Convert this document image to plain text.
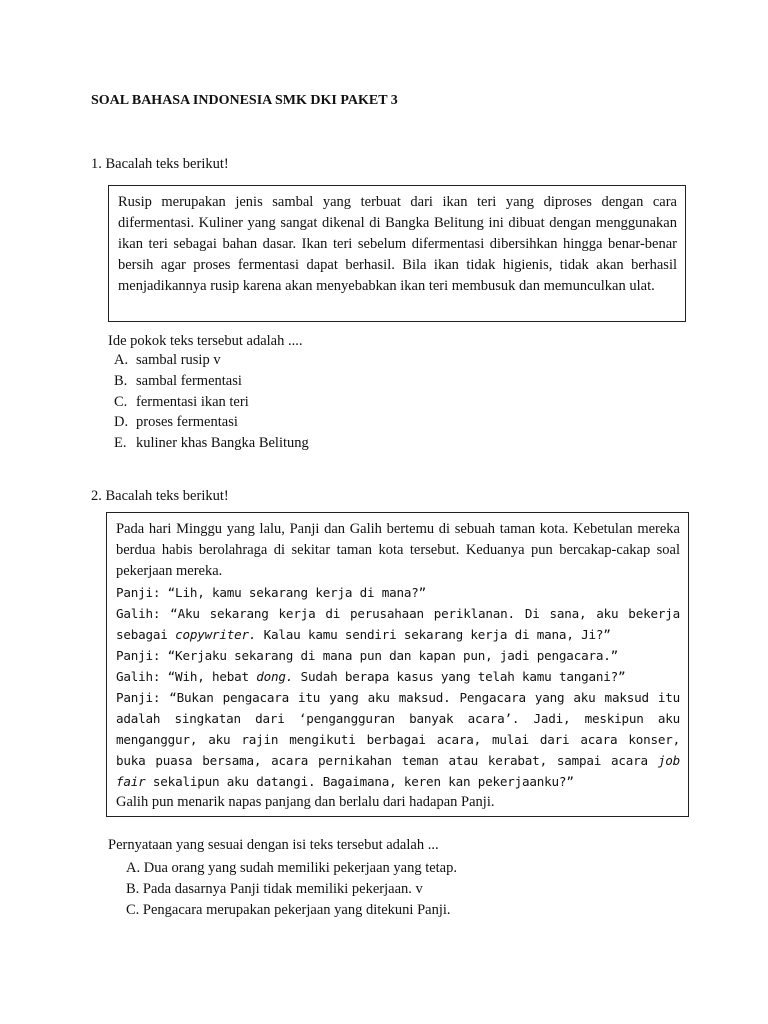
SOAL BAHASA INDONESIA SMK DKI PAKET 3
1. Bacalah teks berikut!

Rusip merupakan jenis sambal yang terbuat dari ikan teri yang diproses dengan cara difermentasi. Kuliner yang sangat dikenal di Bangka Belitung ini dibuat dengan menggunakan ikan teri sebagai bahan dasar. Ikan teri sebelum difermentasi dibersihkan hingga benar-benar bersih agar proses fermentasi dapat berhasil. Bila ikan tidak higienis, tidak akan berhasil menjadikannya rusip karena akan menyebabkan ikan teri membusuk dan memunculkan ulat.

Ide pokok teks tersebut adalah ....
A. sambal rusip v
B. sambal fermentasi
C. fermentasi ikan teri
D. proses fermentasi
E. kuliner khas Bangka Belitung
2. Bacalah teks berikut!

Pada hari Minggu yang lalu, Panji dan Galih bertemu di sebuah taman kota. Kebetulan mereka berdua habis berolahraga di sekitar taman kota tersebut. Keduanya pun bercakap-cakap soal pekerjaan mereka.

Panji: “Lih, kamu sekarang kerja di mana?”

Galih: “Aku sekarang kerja di perusahaan periklanan. Di sana, aku bekerja

sebagai copywriter. Kalau kamu sendiri sekarang kerja di mana, Ji?”

Panji: “Kerjaku sekarang di mana pun dan kapan pun, jadi pengacara.”

Galih: “Wih, hebat dong. Sudah berapa kasus yang telah kamu tangani?”

Panji: “Bukan pengacara itu yang aku maksud. Pengacara yang aku maksud itu adalah singkatan dari ‘pengangguran banyak acara’. Jadi, meskipun aku menganggur, aku rajin mengikuti berbagai acara, mulai dari acara konser, buka puasa bersama, acara pernikahan teman atau kerabat, sampai acara job fair sekalipun aku datangi. Bagaimana, keren kan pekerjaanku?”

Galih pun menarik napas panjang dan berlalu dari hadapan Panji.

Pernyataan yang sesuai dengan isi teks tersebut adalah ...
A. Dua orang yang sudah memiliki pekerjaan yang tetap.
B. Pada dasarnya Panji tidak memiliki pekerjaan. v
C. Pengacara merupakan pekerjaan yang ditekuni Panji.
